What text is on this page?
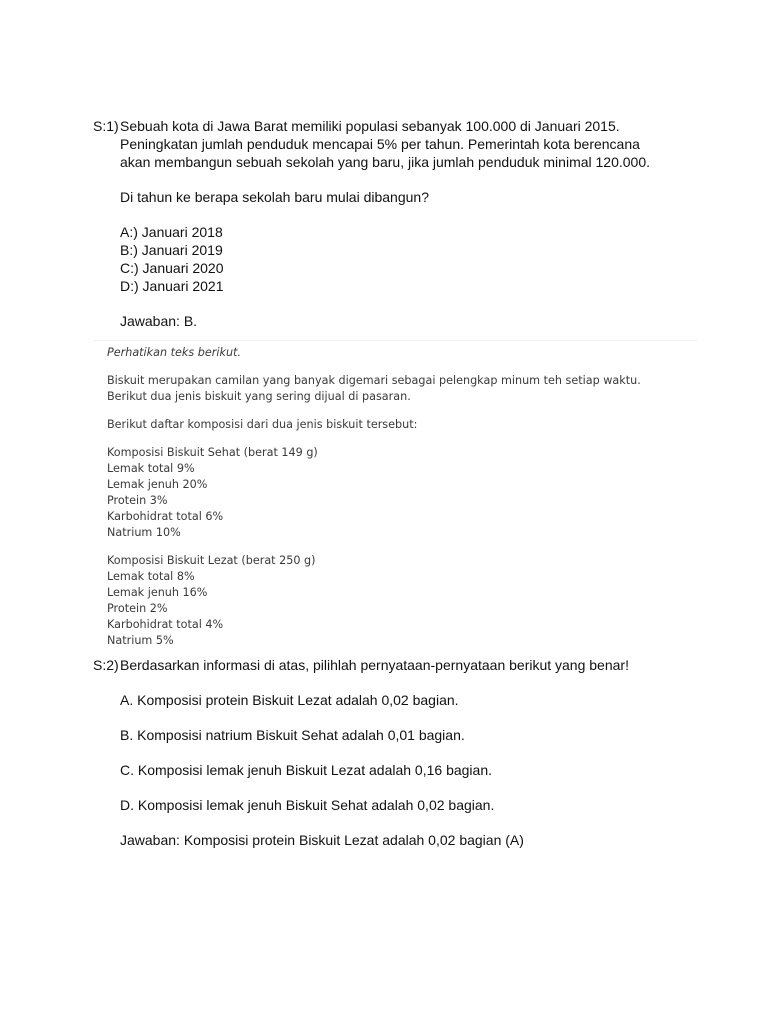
S:1) Sebuah kota di Jawa Barat memiliki populasi sebanyak 100.000 di Januari 2015.
Peningkatan jumlah penduduk mencapai 5% per tahun. Pemerintah kota berencana
akan membangun sebuah sekolah yang baru, jika jumlah penduduk minimal 120.000.
Di tahun ke berapa sekolah baru mulai dibangun?
A:) Januari 2018
B:) Januari 2019
C:) Januari 2020
D:) Januari 2021
Jawaban: B.
Perhatikan teks berikut.
Biskuit merupakan camilan yang banyak digemari sebagai pelengkap minum teh setiap waktu.
Berikut dua jenis biskuit yang sering dijual di pasaran.
Berikut daftar komposisi dari dua jenis biskuit tersebut:
Komposisi Biskuit Sehat (berat 149 g)
Lemak total 9%
Lemak jenuh 20%
Protein 3%
Karbohidrat total 6%
Natrium 10%
Komposisi Biskuit Lezat (berat 250 g)
Lemak total 8%
Lemak jenuh 16%
Protein 2%
Karbohidrat total 4%
Natrium 5%
S:2) Berdasarkan informasi di atas, pilihlah pernyataan-pernyataan berikut yang benar!
A. Komposisi protein Biskuit Lezat adalah 0,02 bagian.
B. Komposisi natrium Biskuit Sehat adalah 0,01 bagian.
C. Komposisi lemak jenuh Biskuit Lezat adalah 0,16 bagian.
D. Komposisi lemak jenuh Biskuit Sehat adalah 0,02 bagian.
Jawaban: Komposisi protein Biskuit Lezat adalah 0,02 bagian (A)
